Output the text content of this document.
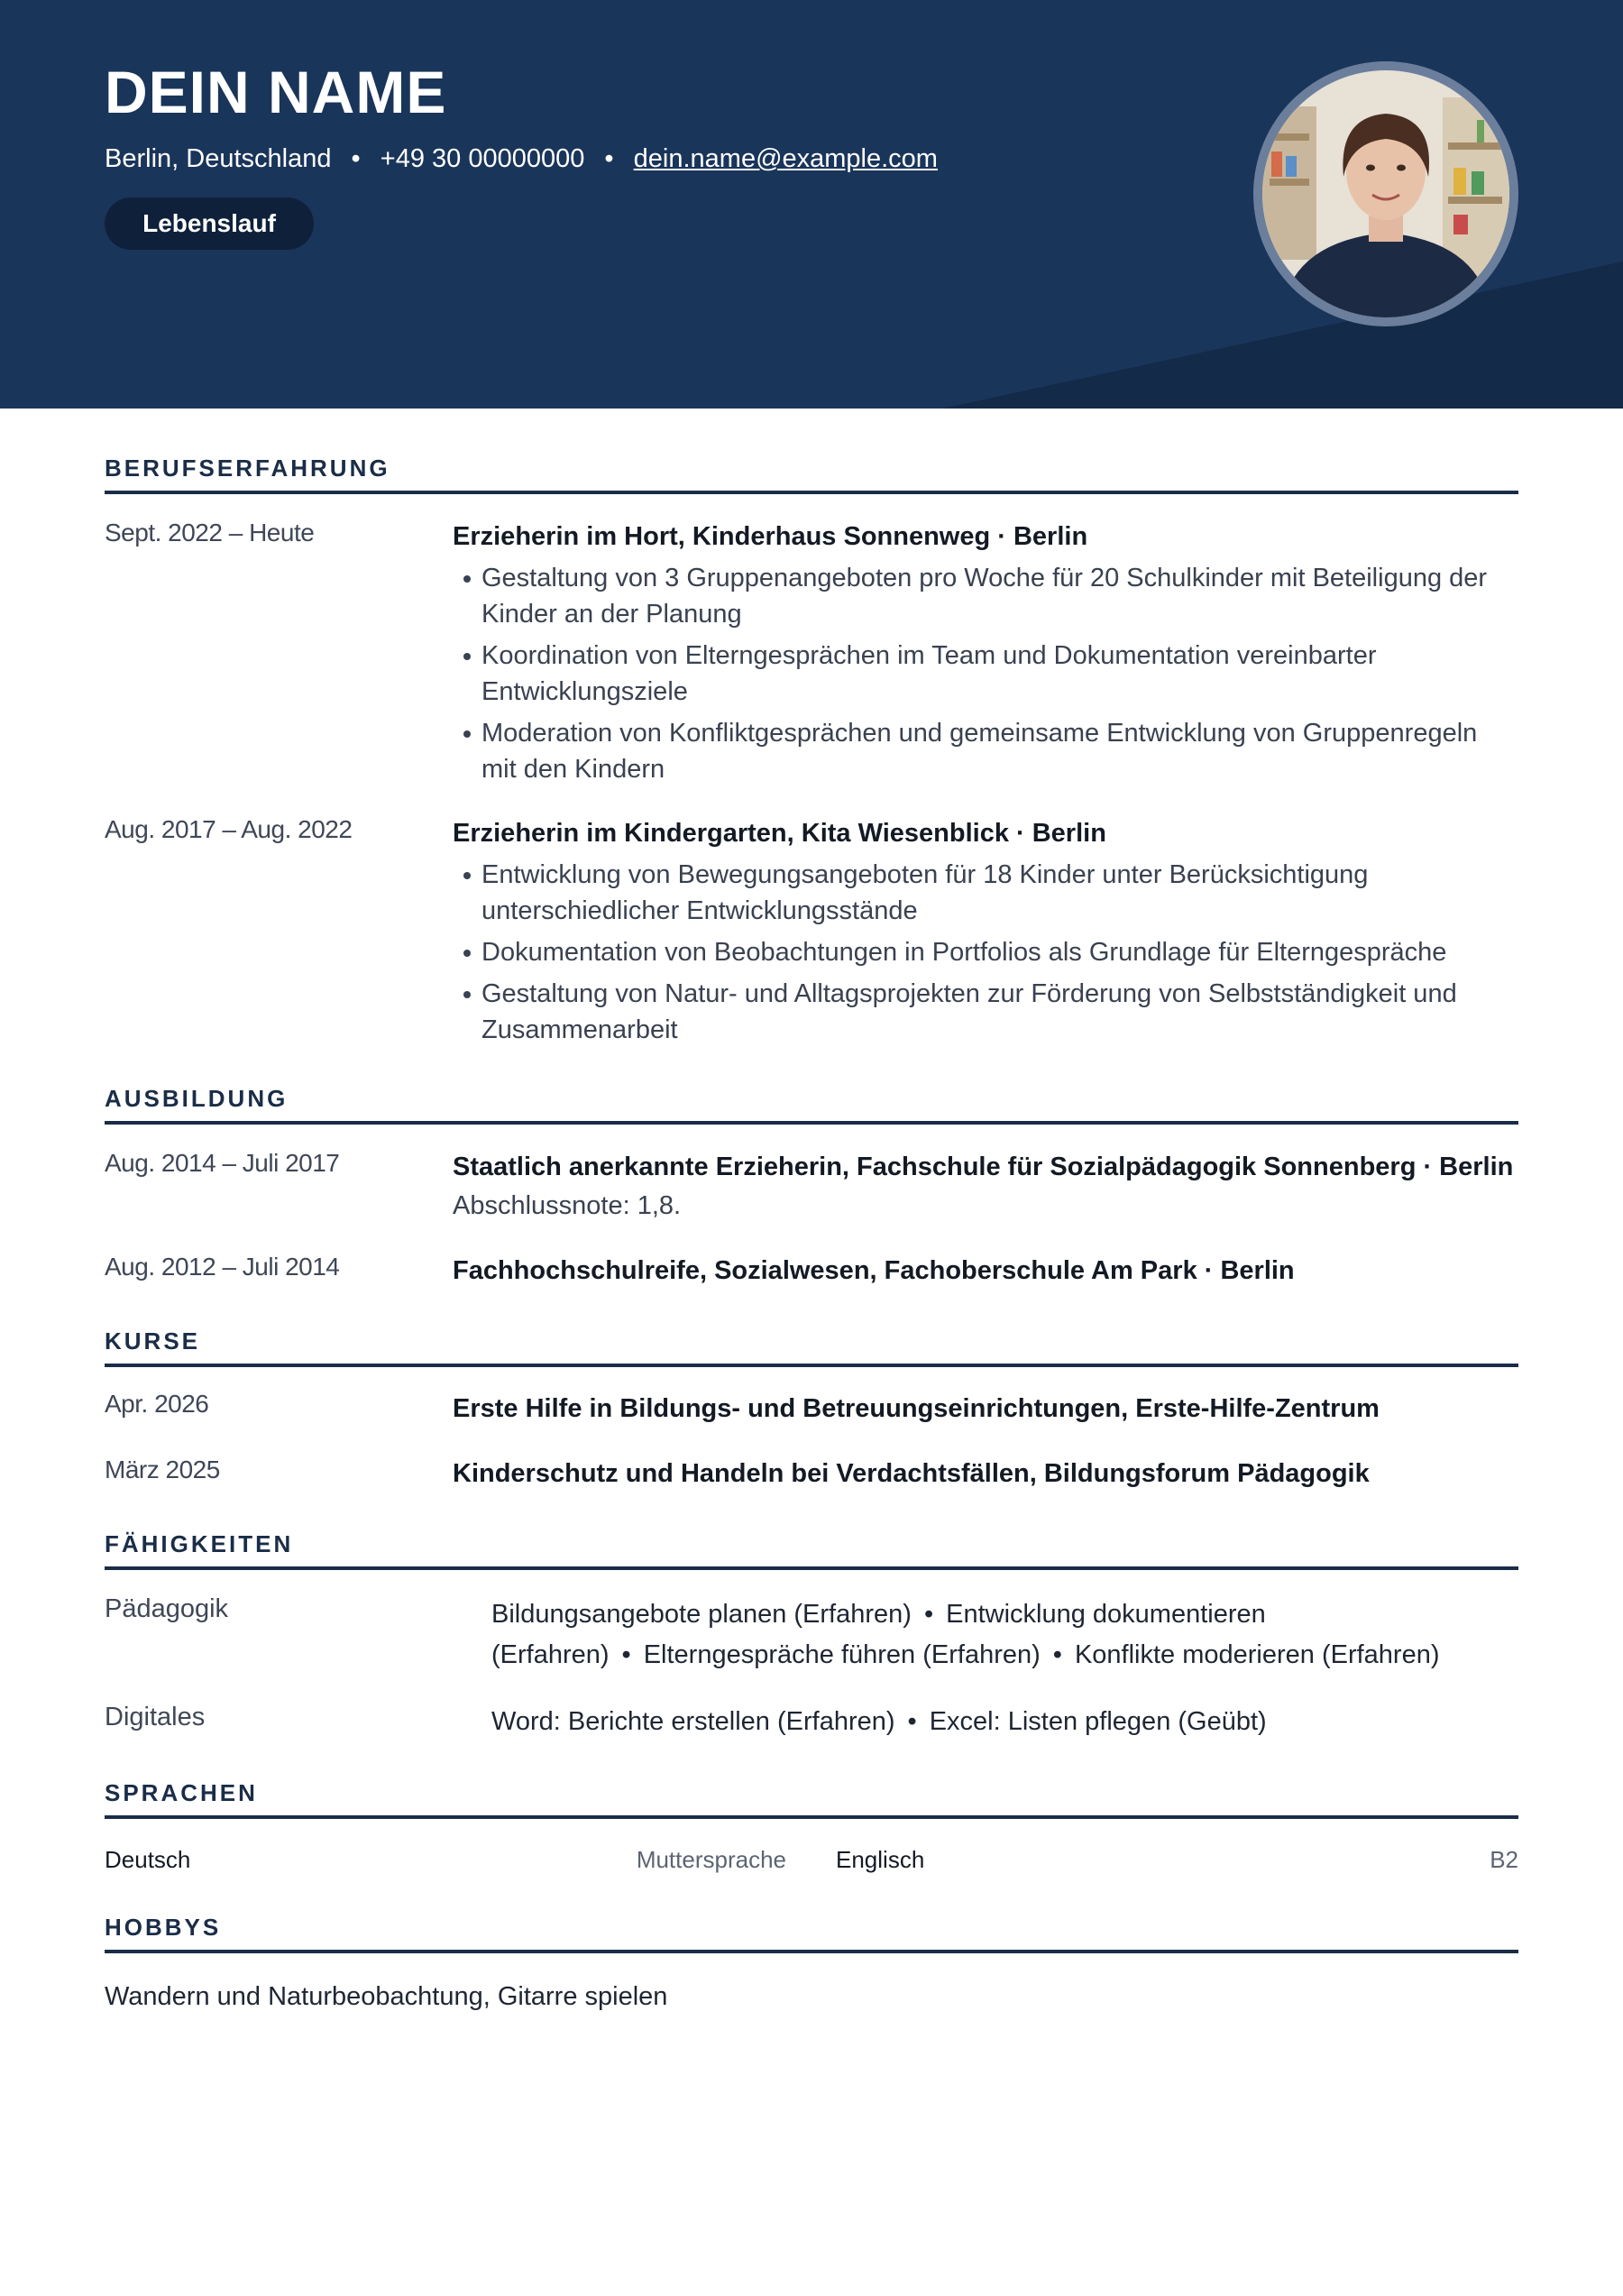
DEIN NAME
Berlin, Deutschland • +49 30 00000000 • dein.name@example.com
Lebenslauf
BERUFSERFAHRUNG
Sept. 2022 – Heute	Erzieherin im Hort, Kinderhaus Sonnenweg · Berlin
Gestaltung von 3 Gruppenangeboten pro Woche für 20 Schulkinder mit Beteiligung der Kinder an der Planung
Koordination von Elterngesprächen im Team und Dokumentation vereinbarter Entwicklungsziele
Moderation von Konfliktgesprächen und gemeinsame Entwicklung von Gruppenregeln mit den Kindern
Aug. 2017 – Aug. 2022	Erzieherin im Kindergarten, Kita Wiesenblick · Berlin
Entwicklung von Bewegungsangeboten für 18 Kinder unter Berücksichtigung unterschiedlicher Entwicklungsstände
Dokumentation von Beobachtungen in Portfolios als Grundlage für Elterngespräche
Gestaltung von Natur- und Alltagsprojekten zur Förderung von Selbstständigkeit und Zusammenarbeit
AUSBILDUNG
Aug. 2014 – Juli 2017	Staatlich anerkannte Erzieherin, Fachschule für Sozialpädagogik Sonnenberg · Berlin
Abschlussnote: 1,8.
Aug. 2012 – Juli 2014	Fachhochschulreife, Sozialwesen, Fachoberschule Am Park · Berlin
KURSE
Apr. 2026	Erste Hilfe in Bildungs- und Betreuungseinrichtungen, Erste-Hilfe-Zentrum
März 2025	Kinderschutz und Handeln bei Verdachtsfällen, Bildungsforum Pädagogik
FÄHIGKEITEN
Pädagogik	Bildungsangebote planen (Erfahren) • Entwicklung dokumentieren (Erfahren) • Elterngespräche führen (Erfahren) • Konflikte moderieren (Erfahren)
Digitales	Word: Berichte erstellen (Erfahren) • Excel: Listen pflegen (Geübt)
SPRACHEN
Deutsch	Muttersprache Englisch	B2
HOBBYS
Wandern und Naturbeobachtung, Gitarre spielen
